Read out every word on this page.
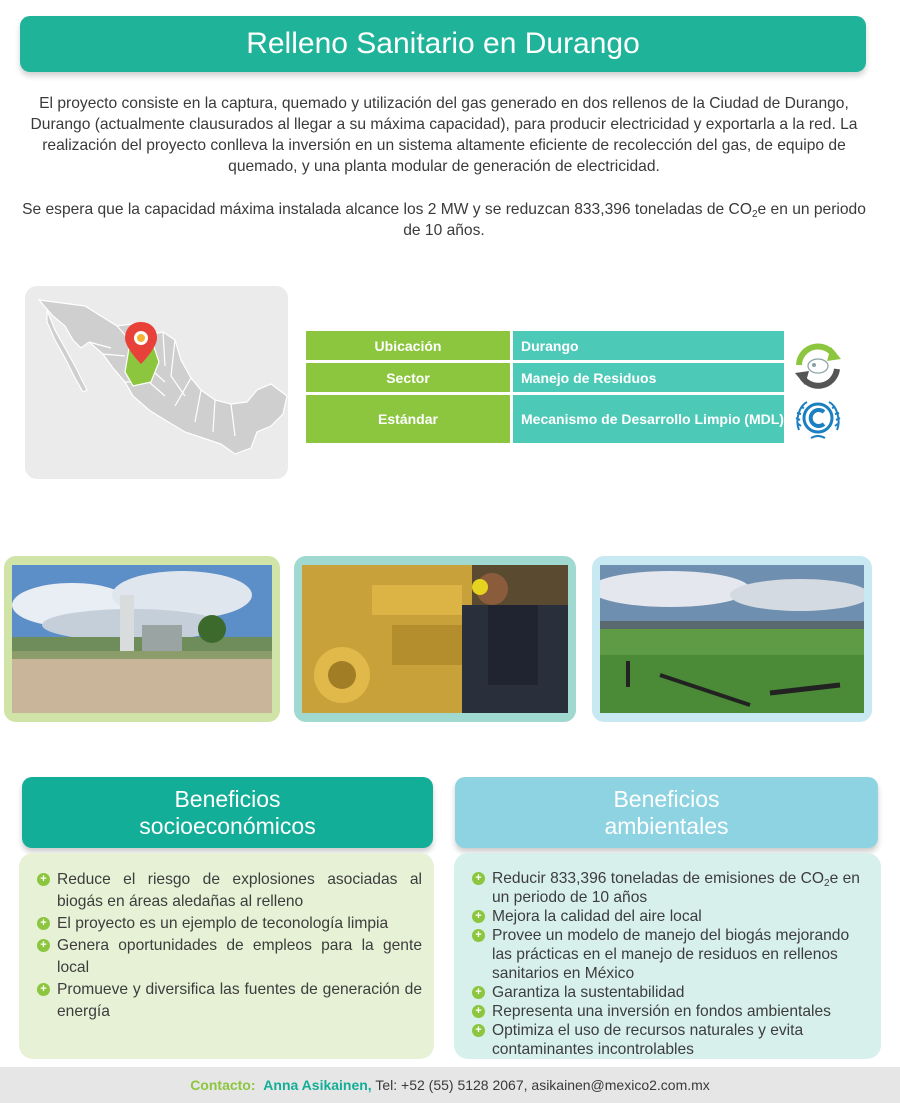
Relleno Sanitario en Durango

El proyecto consiste en la captura, quemado y utilización del gas generado en dos rellenos de la Ciudad de Durango, Durango (actualmente clausurados al llegar a su máxima capacidad), para producir electricidad y exportarla a la red. La realización del proyecto conlleva la inversión en un sistema altamente eficiente de recolección del gas, de equipo de quemado, y una planta modular de generación de electricidad.

Se espera que la capacidad máxima instalada alcance los 2 MW y se reduzcan 833,396 toneladas de $CO_2e$ en un periodo de 10 años.

Ubicación	Durango
Sector	Manejo de Residuos
Estándar	Mecanismo de Desarrollo Limpio (MDL)
Beneficios
socioeconómicos
Beneficios
ambientales
+ Reduce el riesgo de explosiones asociadas al biogás en áreas aledañas al relleno
+ El proyecto es un ejemplo de teconología limpia
+ Genera oportunidades de empleos para la gente local
+ Promueve y diversifica las fuentes de generación de energía
+ Reducir 833,396 toneladas de emisiones de $CO_2e$ en un periodo de 10 años
+ Mejora la calidad del aire local
+ Provee un modelo de manejo del biogás mejorando las prácticas en el manejo de residuos en rellenos sanitarios en México
+ Garantiza la sustentabilidad
+ Representa una inversión en fondos ambientales
+ Optimiza el uso de recursos naturales y evita contaminantes incontrolables
Contacto: Anna Asikainen, Tel: +52 (55) 5128 2067, asikainen@mexico2.com.mx
